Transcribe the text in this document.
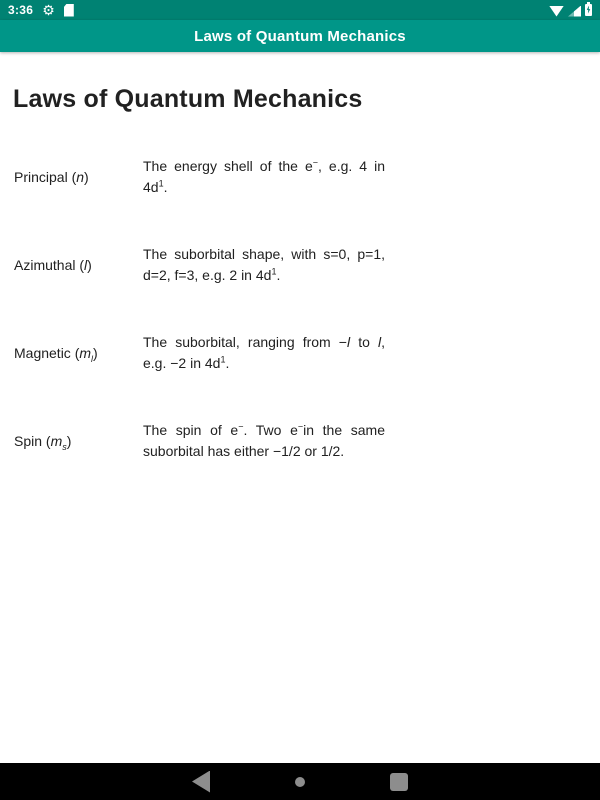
3:36 ⚙
Laws of Quantum Mechanics
Laws of Quantum Mechanics
Principal (n)
The energy shell of the e−, e.g. 4 in $4d^1$.
Azimuthal (l)
The suborbital shape, with s=0, p=1, d=2, f=3, e.g. 2 in $4d^1$.
Magnetic $(m_l)$
The suborbital, ranging from −l to l, e.g. −2 in $4d^1$.
Spin $(m_s)$
The spin of e−. Two e−in the same suborbital has either −1/2 or 1/2.
